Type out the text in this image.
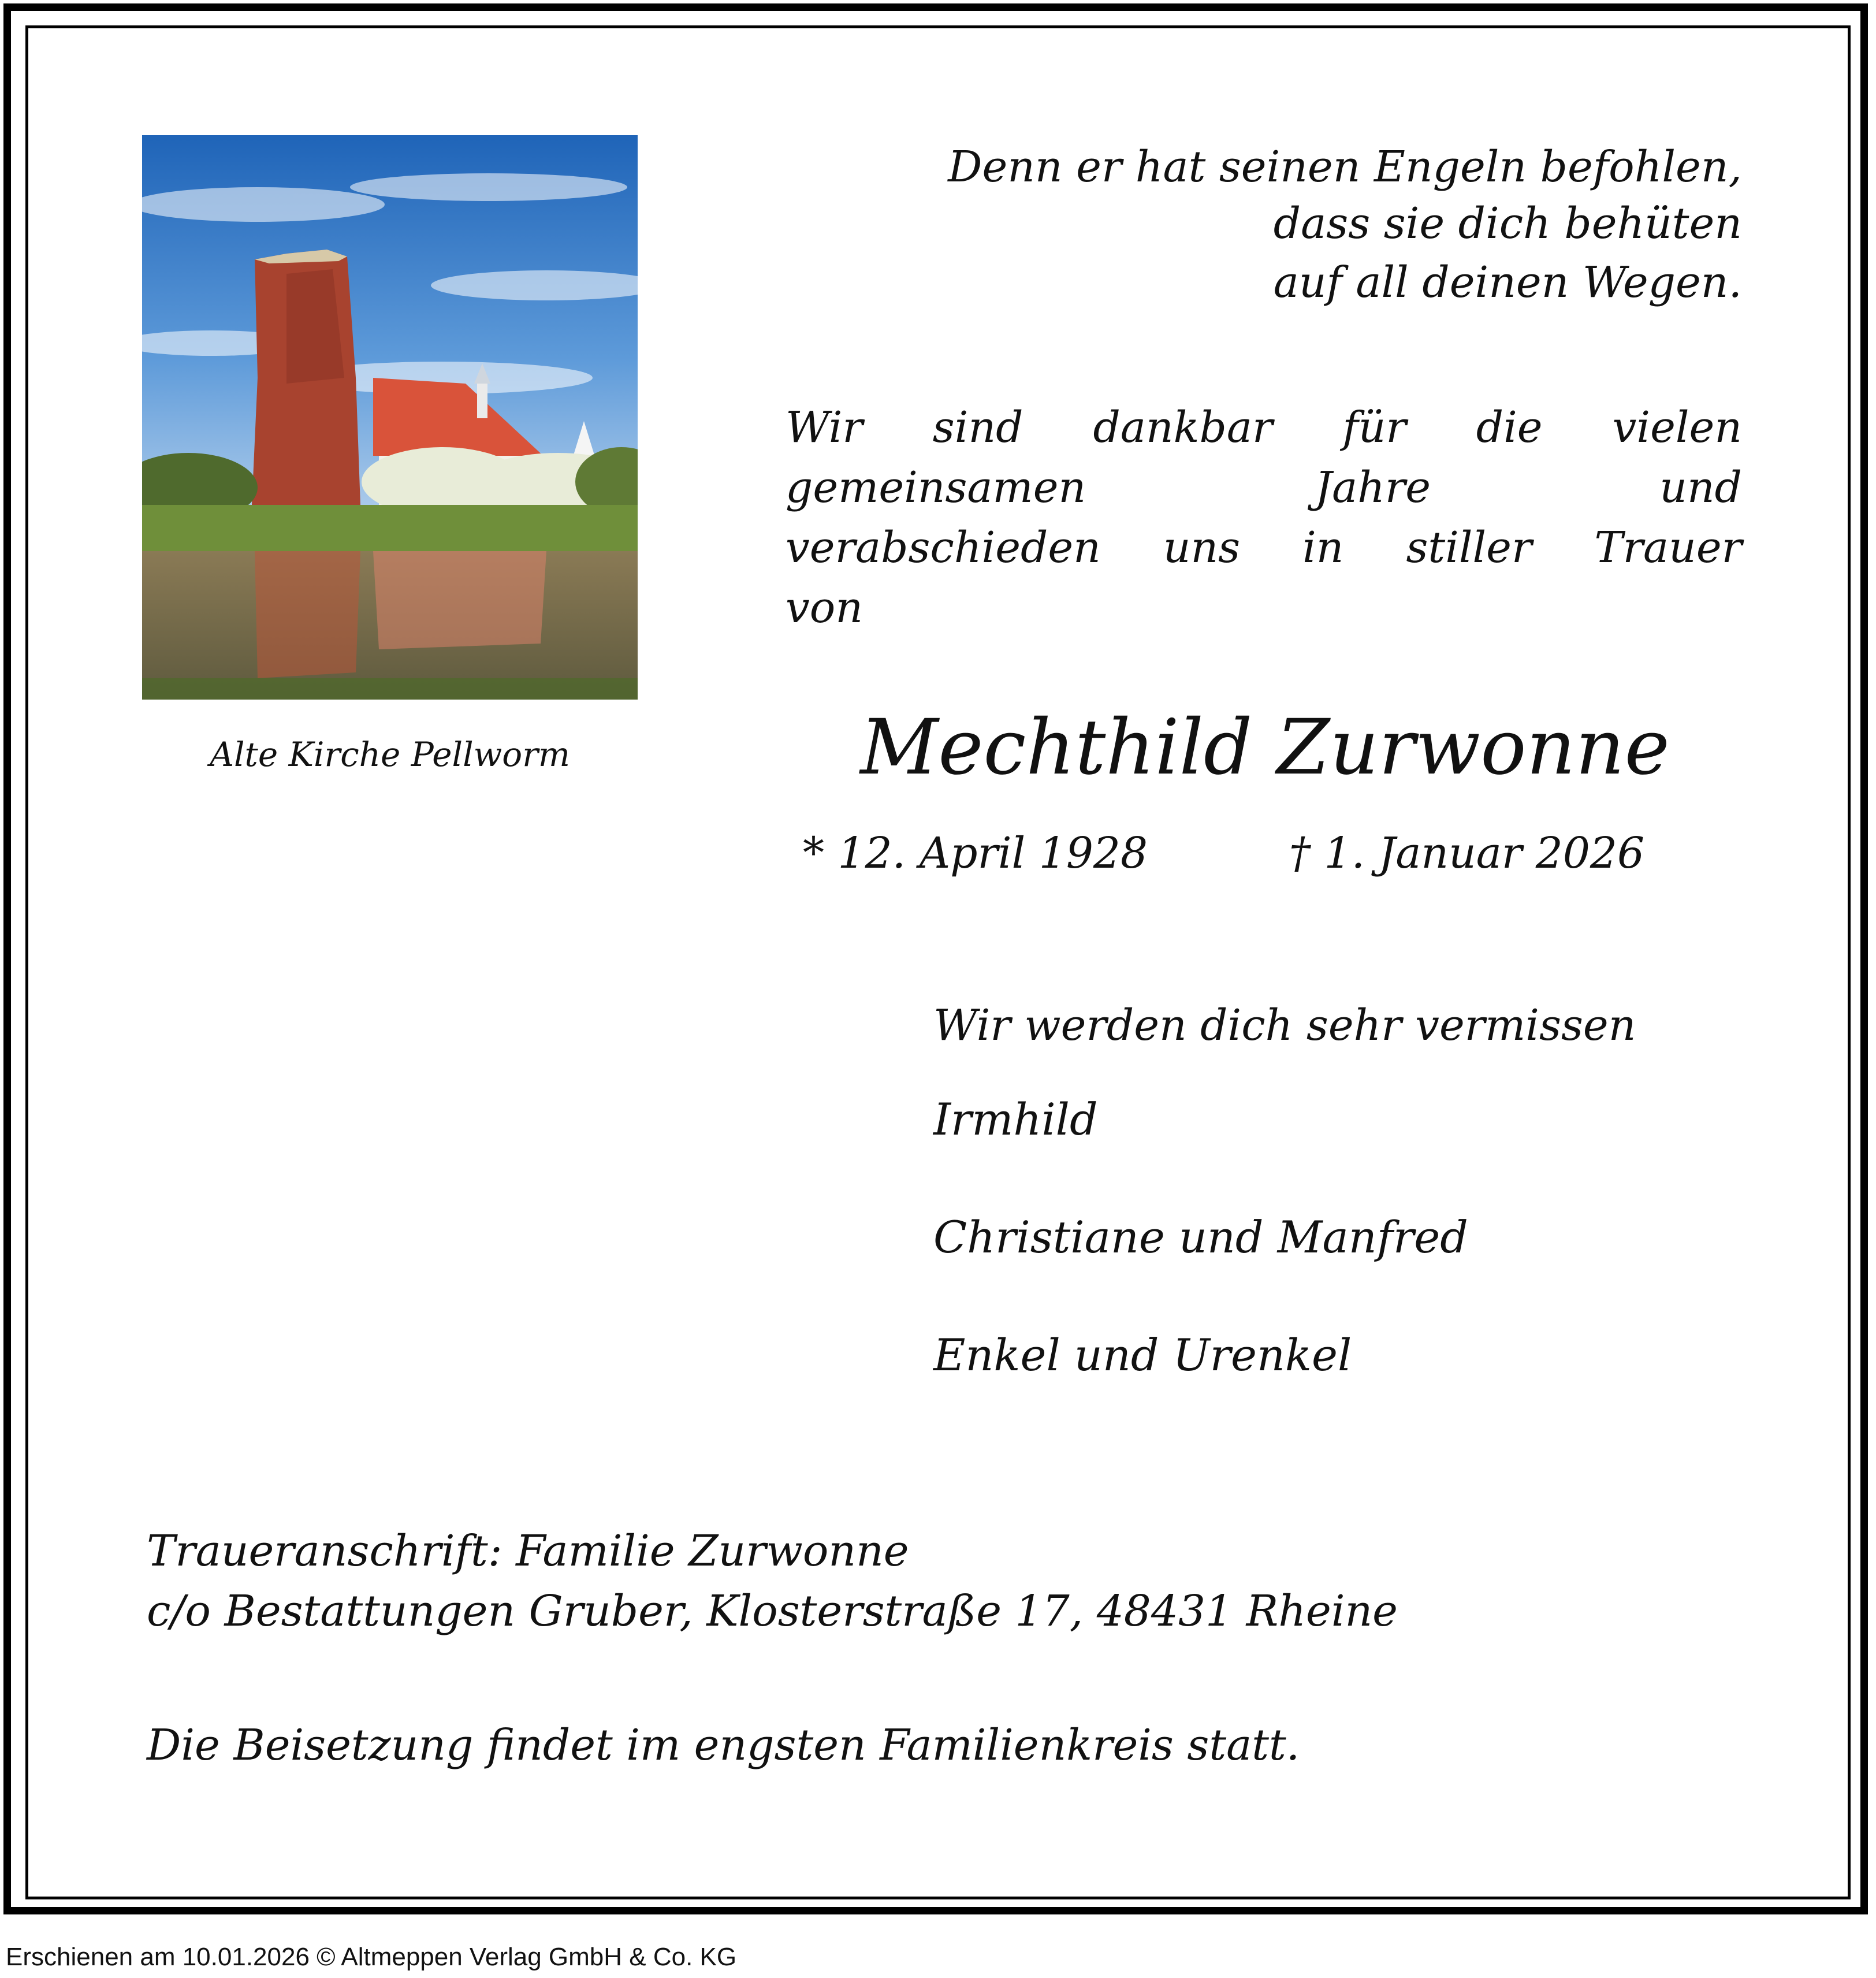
Alte Kirche Pellworm
Denn er hat seinen Engeln befohlen,
dass sie dich behüten
auf all deinen Wegen.
Wir sind dankbar für die vielen
gemeinsamen Jahre und
verabschieden uns in stiller Trauer
von
Mechthild Zurwonne
* 12. April 1928	† 1. Januar 2026
Wir werden dich sehr vermissen
Irmhild
Christiane und Manfred
Enkel und Urenkel
Traueranschrift: Familie Zurwonne
c/o Bestattungen Gruber, Klosterstraße 17, 48431 Rheine
Die Beisetzung findet im engsten Familienkreis statt.
Erschienen am 10.01.2026 © Altmeppen Verlag GmbH & Co. KG
